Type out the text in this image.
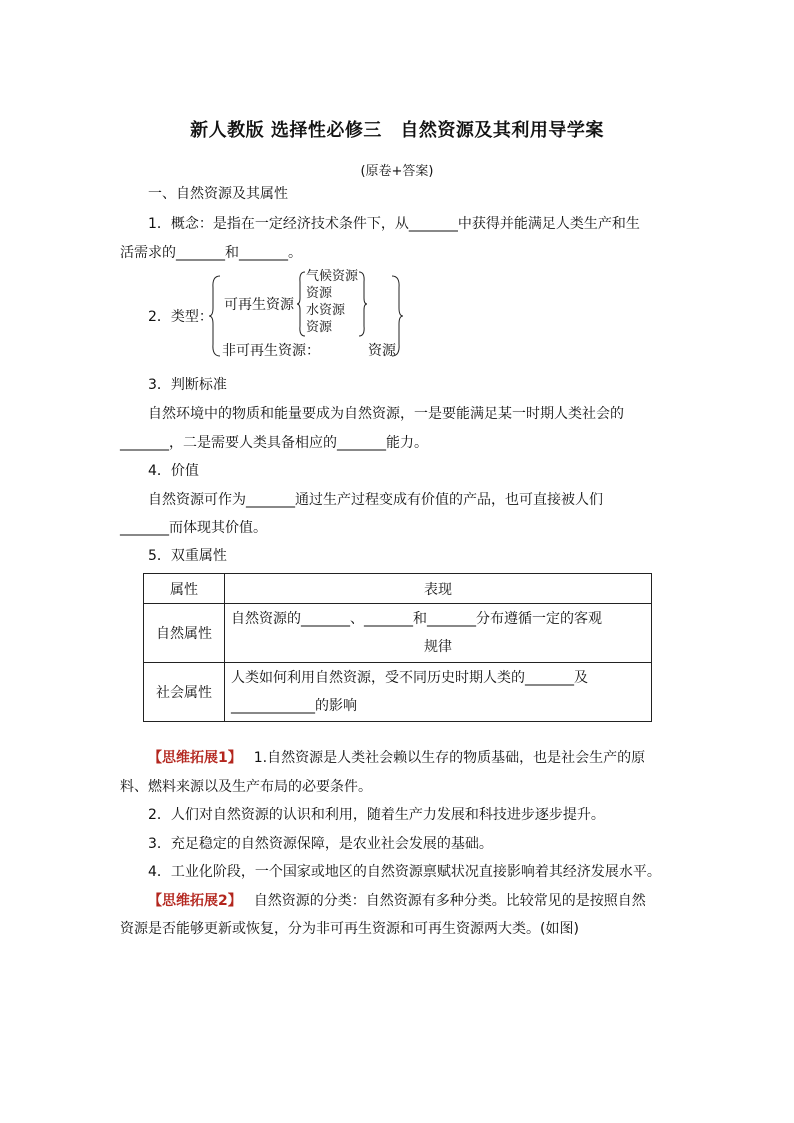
新人教版 选择性必修三　自然资源及其利用导学案
(原卷+答案)
一、自然资源及其属性
1．概念：是指在一定经济技术条件下，从_______中获得并能满足人类生产和生
活需求的_______和_______。
2．类型：
可再生资源
气候资源
资源
水资源
资源
非可再生资源：	资源
3．判断标准
自然环境中的物质和能量要成为自然资源，一是要能满足某一时期人类社会的
_______，二是需要人类具备相应的_______能力。
4．价值
自然资源可作为_______通过生产过程变成有价值的产品，也可直接被人们
_______而体现其价值。
5．双重属性
属性	表现
自然属性	自然资源的_______、_______和_______分布遵循一定的客观
规律

社会属性	人类如何利用自然资源，受不同历史时期人类的_______及
____________的影响
【思维拓展1】 1.自然资源是人类社会赖以生存的物质基础，也是社会生产的原
料、燃料来源以及生产布局的必要条件。
2．人们对自然资源的认识和利用，随着生产力发展和科技进步逐步提升。
3．充足稳定的自然资源保障，是农业社会发展的基础。
4．工业化阶段，一个国家或地区的自然资源禀赋状况直接影响着其经济发展水平。
【思维拓展2】 自然资源的分类：自然资源有多种分类。比较常见的是按照自然
资源是否能够更新或恢复，分为非可再生资源和可再生资源两大类。(如图)
